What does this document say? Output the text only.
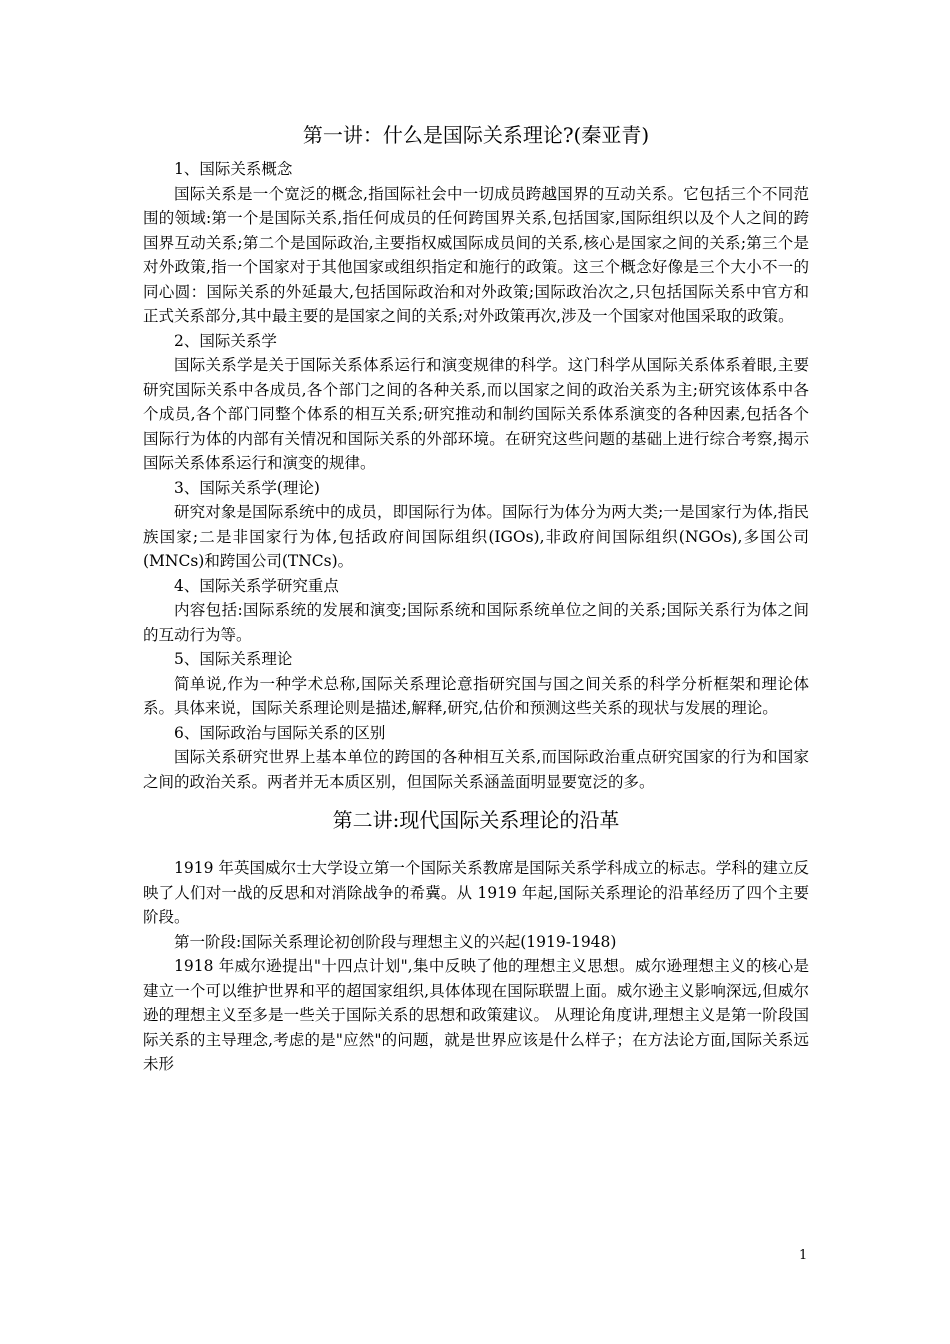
第一讲：什么是国际关系理论?(秦亚青)

1、国际关系概念

国际关系是一个宽泛的概念,指国际社会中一切成员跨越国界的互动关系。它包括三个不同范围的领域:第一个是国际关系,指任何成员的任何跨国界关系,包括国家,国际组织以及个人之间的跨国界互动关系;第二个是国际政治,主要指权威国际成员间的关系,核心是国家之间的关系;第三个是对外政策,指一个国家对于其他国家或组织指定和施行的政策。这三个概念好像是三个大小不一的同心圆：国际关系的外延最大,包括国际政治和对外政策;国际政治次之,只包括国际关系中官方和正式关系部分,其中最主要的是国家之间的关系;对外政策再次,涉及一个国家对他国采取的政策。

2、国际关系学

国际关系学是关于国际关系体系运行和演变规律的科学。这门科学从国际关系体系着眼,主要研究国际关系中各成员,各个部门之间的各种关系,而以国家之间的政治关系为主;研究该体系中各个成员,各个部门同整个体系的相互关系;研究推动和制约国际关系体系演变的各种因素,包括各个国际行为体的内部有关情况和国际关系的外部环境。在研究这些问题的基础上进行综合考察,揭示国际关系体系运行和演变的规律。

3、国际关系学(理论)

研究对象是国际系统中的成员，即国际行为体。国际行为体分为两大类;一是国家行为体,指民族国家;二是非国家行为体,包括政府间国际组织(IGOs),非政府间国际组织(NGOs),多国公司(MNCs)和跨国公司(TNCs)。

4、国际关系学研究重点

内容包括:国际系统的发展和演变;国际系统和国际系统单位之间的关系;国际关系行为体之间的互动行为等。

5、国际关系理论

简单说,作为一种学术总称,国际关系理论意指研究国与国之间关系的科学分析框架和理论体系。具体来说，国际关系理论则是描述,解释,研究,估价和预测这些关系的现状与发展的理论。

6、国际政治与国际关系的区别

国际关系研究世界上基本单位的跨国的各种相互关系,而国际政治重点研究国家的行为和国家之间的政治关系。两者并无本质区别，但国际关系涵盖面明显要宽泛的多。

第二讲:现代国际关系理论的沿革

1919 年英国威尔士大学设立第一个国际关系教席是国际关系学科成立的标志。学科的建立反映了人们对一战的反思和对消除战争的希冀。从 1919 年起,国际关系理论的沿革经历了四个主要阶段。

第一阶段:国际关系理论初创阶段与理想主义的兴起(1919-1948)

1918 年威尔逊提出"十四点计划",集中反映了他的理想主义思想。威尔逊理想主义的核心是建立一个可以维护世界和平的超国家组织,具体体现在国际联盟上面。威尔逊主义影响深远,但威尔逊的理想主义至多是一些关于国际关系的思想和政策建议。 从理论角度讲,理想主义是第一阶段国际关系的主导理念,考虑的是"应然"的问题，就是世界应该是什么样子；在方法论方面,国际关系远未形

1
